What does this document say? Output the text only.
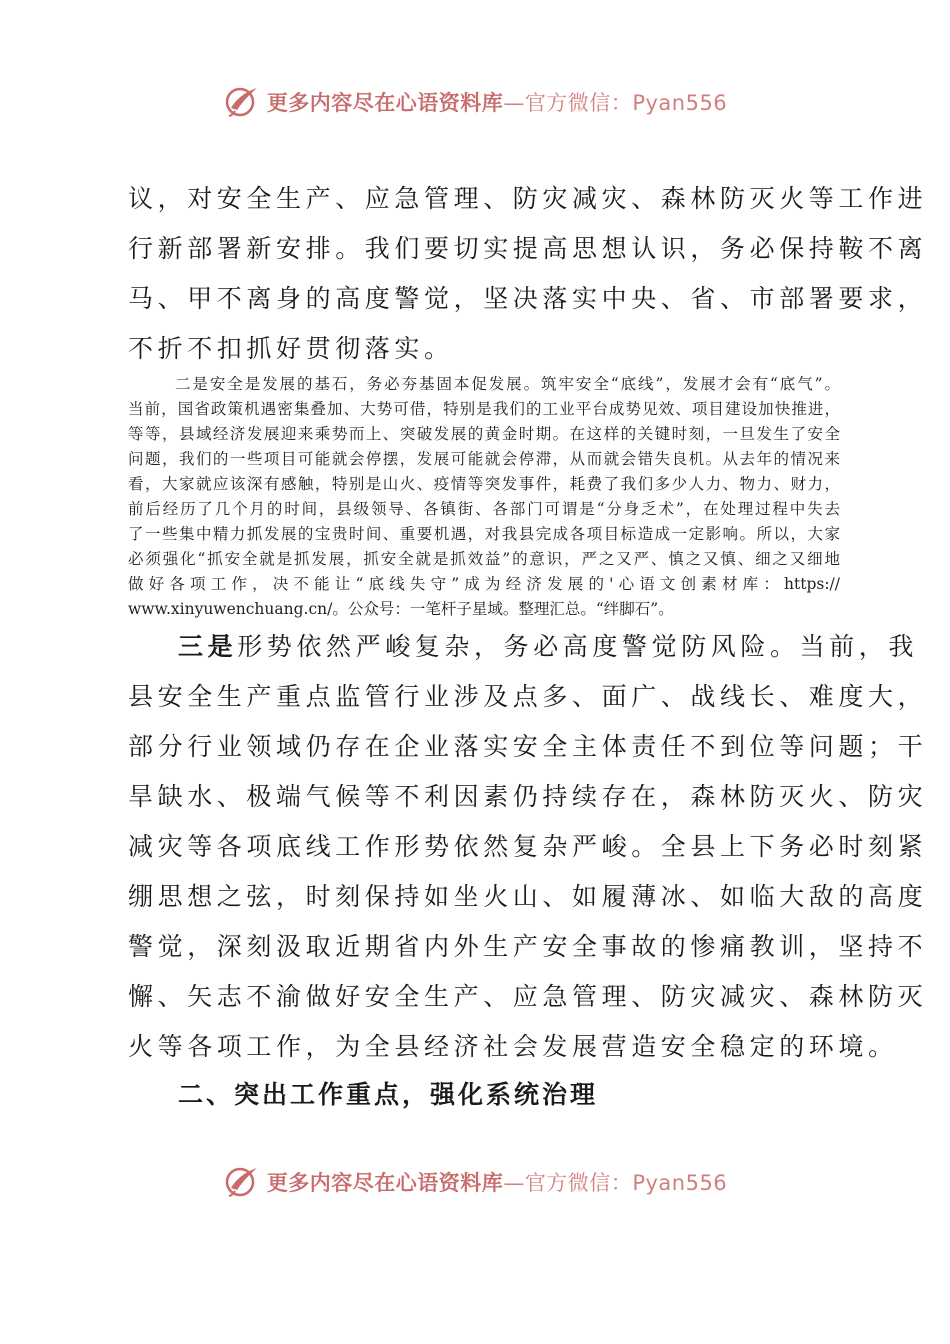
更多内容尽在心语资料库—官方微信：Pyan556
议，对安全生产、应急管理、防灾减灾、森林防灭火等工作进
行新部署新安排。我们要切实提高思想认识，务必保持鞍不离
马、甲不离身的高度警觉，坚决落实中央、省、市部署要求，
不折不扣抓好贯彻落实。
二是安全是发展的基石，务必夯基固本促发展。筑牢安全“底线”，发展才会有“底气”。
当前，国省政策机遇密集叠加、大势可借，特别是我们的工业平台成势见效、项目建设加快推进，
等等，县域经济发展迎来乘势而上、突破发展的黄金时期。在这样的关键时刻，一旦发生了安全
问题，我们的一些项目可能就会停摆，发展可能就会停滞，从而就会错失良机。从去年的情况来
看，大家就应该深有感触，特别是山火、疫情等突发事件，耗费了我们多少人力、物力、财力，
前后经历了几个月的时间，县级领导、各镇街、各部门可谓是“分身乏术”，在处理过程中失去
了一些集中精力抓发展的宝贵时间、重要机遇，对我县完成各项目标造成一定影响。所以，大家
必须强化“抓安全就是抓发展，抓安全就是抓效益”的意识，严之又严、慎之又慎、细之又细地
做好各项工作，决不能让“底线失守”成为经济发展的'心语文创素材库：https://
www.xinyuwenchuang.cn/。公众号：一笔杆子星域。整理汇总。“绊脚石”。
三是形势依然严峻复杂，务必高度警觉防风险。当前，我
县安全生产重点监管行业涉及点多、面广、战线长、难度大，
部分行业领域仍存在企业落实安全主体责任不到位等问题；干
旱缺水、极端气候等不利因素仍持续存在，森林防灭火、防灾
减灾等各项底线工作形势依然复杂严峻。全县上下务必时刻紧
绷思想之弦，时刻保持如坐火山、如履薄冰、如临大敌的高度
警觉，深刻汲取近期省内外生产安全事故的惨痛教训，坚持不
懈、矢志不渝做好安全生产、应急管理、防灾减灾、森林防灭
火等各项工作，为全县经济社会发展营造安全稳定的环境。
二、突出工作重点，强化系统治理
更多内容尽在心语资料库—官方微信：Pyan556
